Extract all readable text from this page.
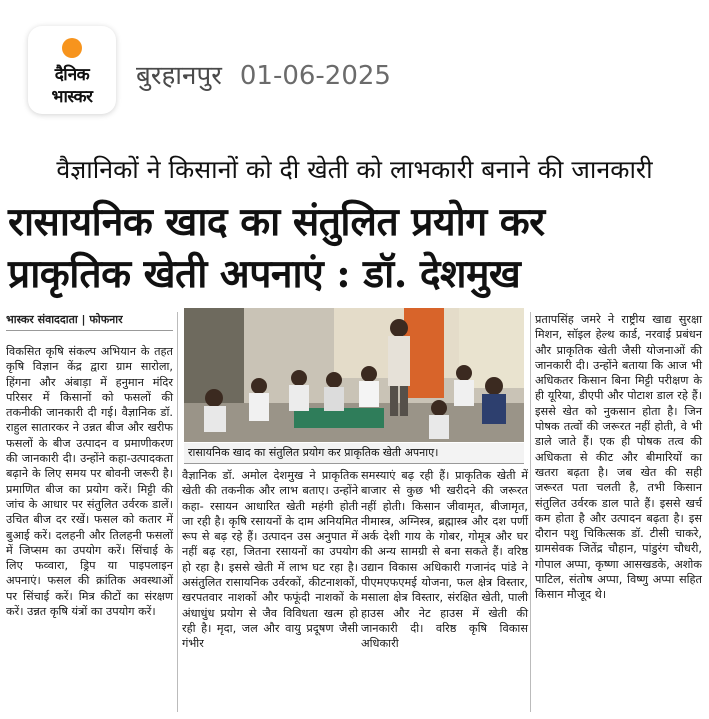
दैनिक
भास्कर
बुरहानपुर 01-06-2025
वैज्ञानिकों ने किसानों को दी खेती को लाभकारी बनाने की जानकारी
रासायनिक खाद का संतुलित प्रयोग कर
प्राकृतिक खेती अपनाएं : डॉ. देशमुख
भास्कर संवाददाता | फोफनार
रासायनिक खाद का संतुलित प्रयोग कर प्राकृतिक खेती अपनाए।
विकसित कृषि संकल्प अभियान के तहत कृषि विज्ञान केंद्र द्वारा ग्राम सारोला, हिंगना और अंबाड़ा में हनुमान मंदिर परिसर में किसानों को फसलों की तकनीकी जानकारी दी गई। वैज्ञानिक डॉ. राहुल सातारकर ने उन्नत बीज और खरीफ फसलों के बीज उत्पादन व प्रमाणीकरण की जानकारी दी। उन्होंने कहा-उत्पादकता बढ़ाने के लिए समय पर बोवनी जरूरी है। प्रमाणित बीज का प्रयोग करें। मिट्टी की जांच के आधार पर संतुलित उर्वरक डालें। उचित बीज दर रखें। फसल को कतार में बुआई करें। दलहनी और तिलहनी फसलों में जिप्सम का उपयोग करें। सिंचाई के लिए फव्वारा, ड्रिप या पाइपलाइन अपनाएं। फसल की क्रांतिक अवस्थाओं पर सिंचाई करें। मित्र कीटों का संरक्षण करें। उन्नत कृषि यंत्रों का उपयोग करें।
वैज्ञानिक डॉ. अमोल देशमुख ने प्राकृतिक खेती की तकनीक और लाभ बताए। उन्होंने कहा- रसायन आधारित खेती महंगी होती जा रही है। कृषि रसायनों के दाम अनियमित रूप से बढ़ रहे हैं। उत्पादन उस अनुपात में नहीं बढ़ रहा, जितना रसायनों का उपयोग हो रहा है। इससे खेती में लाभ घट रहा है। असंतुलित रासायनिक उर्वरकों, कीटनाशकों, खरपतवार नाशकों और फफूंदी नाशकों के अंधाधुंध प्रयोग से जैव विविधता खत्म हो रही है। मृदा, जल और वायु प्रदूषण जैसी गंभीर
समस्याएं बढ़ रही हैं। प्राकृतिक खेती में बाजार से कुछ भी खरीदने की जरूरत नहीं होती। किसान जीवामृत, बीजामृत, नीमास्त्र, अग्निस्त्र, ब्रह्मास्त्र और दश पर्णी अर्क देशी गाय के गोबर, गोमूत्र और घर की अन्य सामग्री से बना सकते हैं। वरिष्ठ उद्यान विकास अधिकारी गजानंद पांडे ने पीएमएफएमई योजना, फल क्षेत्र विस्तार, मसाला क्षेत्र विस्तार, संरक्षित खेती, पाली हाउस और नेट हाउस में खेती की जानकारी दी। वरिष्ठ कृषि विकास अधिकारी
प्रतापसिंह जमरे ने राष्ट्रीय खाद्य सुरक्षा मिशन, सॉइल हेल्थ कार्ड, नरवाई प्रबंधन और प्राकृतिक खेती जैसी योजनाओं की जानकारी दी। उन्होंने बताया कि आज भी अधिकतर किसान बिना मिट्टी परीक्षण के ही यूरिया, डीएपी और पोटाश डाल रहे हैं। इससे खेत को नुकसान होता है। जिन पोषक तत्वों की जरूरत नहीं होती, वे भी डाले जाते हैं। एक ही पोषक तत्व की अधिकता से कीट और बीमारियों का खतरा बढ़ता है। जब खेत की सही जरूरत पता चलती है, तभी किसान संतुलित उर्वरक डाल पाते हैं। इससे खर्च कम होता है और उत्पादन बढ़ता है। इस दौरान पशु चिकित्सक डॉ. टीसी चाकरे, ग्रामसेवक जितेंद्र चौहान, पांडुरंग चौधरी, गोपाल अप्पा, कृष्णा आसखडके, अशोक पाटिल, संतोष अप्पा, विष्णु अप्पा सहित किसान मौजूद थे।
